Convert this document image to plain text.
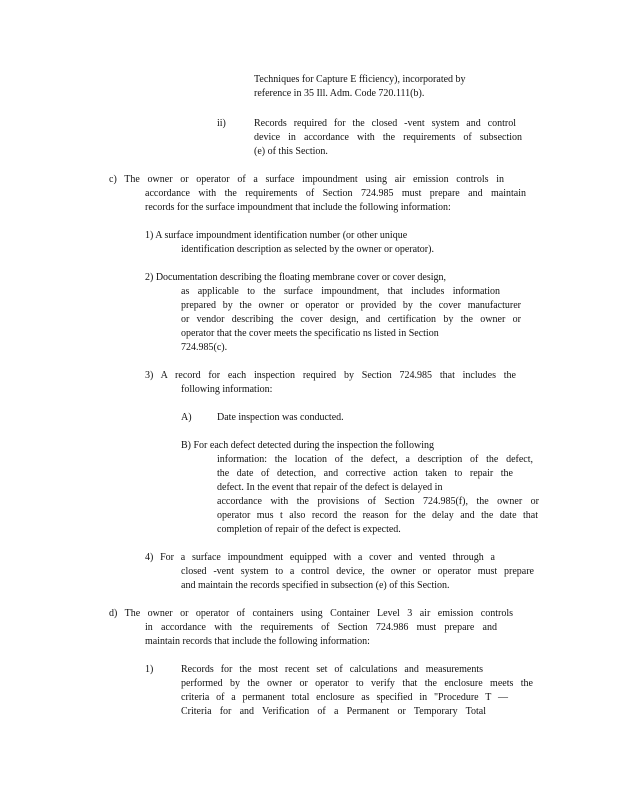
Techniques for Capture E fficiency), incorporated by
reference in 35 Ill. Adm. Code 720.111(b).
ii)	Records required for the closed -vent system and control
device in accordance with the requirements of subsection
(e) of this Section.
c) The owner or operator of a surface impoundment using air emission controls in
accordance with the requirements of Section 724.985 must prepare and maintain
records for the surface impoundment that include the following information:
1) A surface impoundment identification number (or other unique
identification description as selected by the owner or operator).
2) Documentation describing the floating membrane cover or cover design,
as applicable to the surface impoundment, that includes information
prepared by the owner or operator or provided by the cover manufacturer
or vendor describing the cover design, and certification by the owner or
operator that the cover meets the specificatio ns listed in Section
724.985(c).
3) A record for each inspection required by Section 724.985 that includes the
following information:
A)	Date inspection was conducted.
B) For each defect detected during the inspection the following
information: the location of the defect, a description of the defect,
the date of detection, and corrective action taken to repair the
defect. In the event that repair of the defect is delayed in
accordance with the provisions of Section 724.985(f), the owner or
operator mus t also record the reason for the delay and the date that
completion of repair of the defect is expected.
4) For a surface impoundment equipped with a cover and vented through a
closed -vent system to a control device, the owner or operator must prepare
and maintain the records specified in subsection (e) of this Section.
d) The owner or operator of containers using Container Level 3 air emission controls
in accordance with the requirements of Section 724.986 must prepare and
maintain records that include the following information:
1)	Records for the most recent set of calculations and measurements
performed by the owner or operator to verify that the enclosure meets the
criteria of a permanent total enclosure as specified in "Procedure T —
Criteria for and Verification of a Permanent or Temporary Total
